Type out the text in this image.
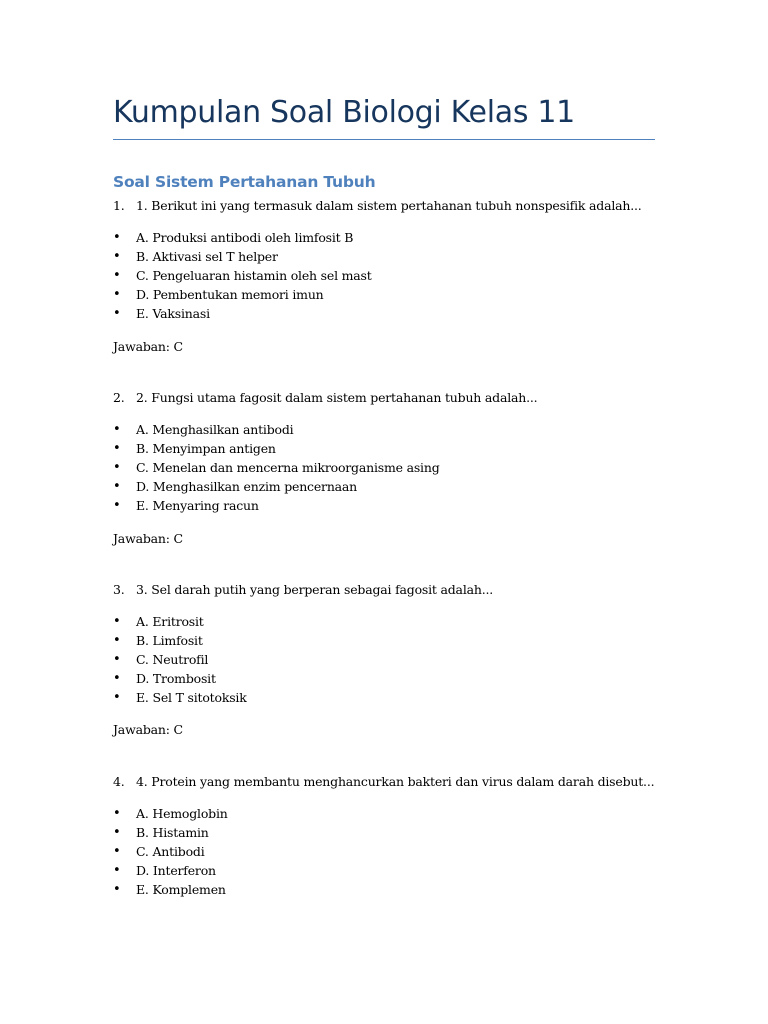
Kumpulan Soal Biologi Kelas 11
Soal Sistem Pertahanan Tubuh
1. 1. Berikut ini yang termasuk dalam sistem pertahanan tubuh nonspesifik adalah...
•	A. Produksi antibodi oleh limfosit B
•	B. Aktivasi sel T helper
•	C. Pengeluaran histamin oleh sel mast
•	D. Pembentukan memori imun
•	E. Vaksinasi
Jawaban: C
2. 2. Fungsi utama fagosit dalam sistem pertahanan tubuh adalah...
•	A. Menghasilkan antibodi
•	B. Menyimpan antigen
•	C. Menelan dan mencerna mikroorganisme asing
•	D. Menghasilkan enzim pencernaan
•	E. Menyaring racun
Jawaban: C
3. 3. Sel darah putih yang berperan sebagai fagosit adalah...
•	A. Eritrosit
•	B. Limfosit
•	C. Neutrofil
•	D. Trombosit
•	E. Sel T sitotoksik
Jawaban: C
4. 4. Protein yang membantu menghancurkan bakteri dan virus dalam darah disebut...
•	A. Hemoglobin
•	B. Histamin
•	C. Antibodi
•	D. Interferon
•	E. Komplemen
